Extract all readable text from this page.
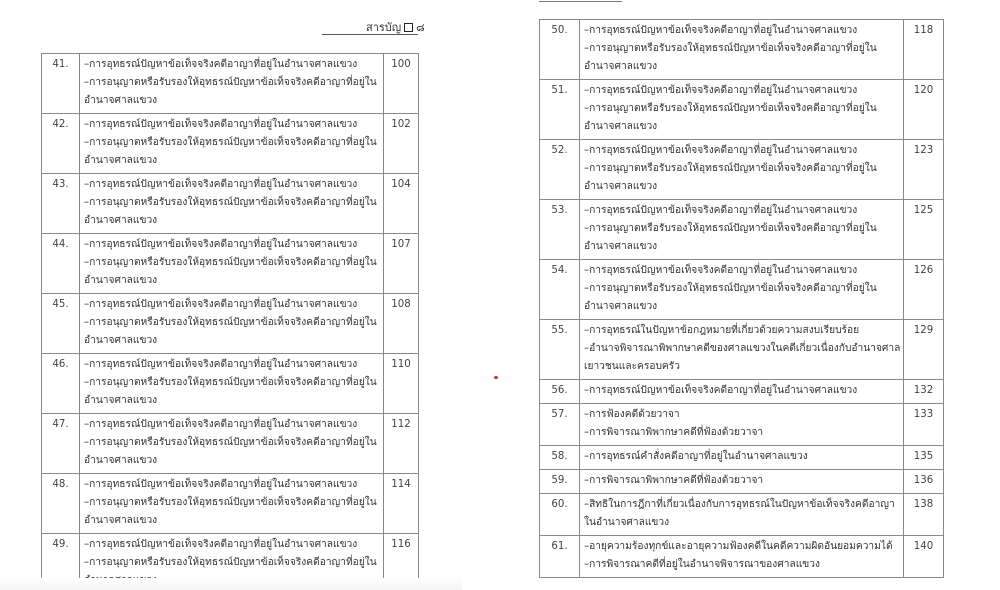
สารบัญ ๘
41.	–การอุทธรณ์ปัญหาข้อเท็จจริงคดีอาญาที่อยู่ในอำนาจศาลแขวง
–การอนุญาตหรือรับรองให้อุทธรณ์ปัญหาข้อเท็จจริงคดีอาญาที่อยู่ใน
อำนาจศาลแขวง	100
42.	–การอุทธรณ์ปัญหาข้อเท็จจริงคดีอาญาที่อยู่ในอำนาจศาลแขวง
–การอนุญาตหรือรับรองให้อุทธรณ์ปัญหาข้อเท็จจริงคดีอาญาที่อยู่ใน
อำนาจศาลแขวง	102
43.	–การอุทธรณ์ปัญหาข้อเท็จจริงคดีอาญาที่อยู่ในอำนาจศาลแขวง
–การอนุญาตหรือรับรองให้อุทธรณ์ปัญหาข้อเท็จจริงคดีอาญาที่อยู่ใน
อำนาจศาลแขวง	104
44.	–การอุทธรณ์ปัญหาข้อเท็จจริงคดีอาญาที่อยู่ในอำนาจศาลแขวง
–การอนุญาตหรือรับรองให้อุทธรณ์ปัญหาข้อเท็จจริงคดีอาญาที่อยู่ใน
อำนาจศาลแขวง	107
45.	–การอุทธรณ์ปัญหาข้อเท็จจริงคดีอาญาที่อยู่ในอำนาจศาลแขวง
–การอนุญาตหรือรับรองให้อุทธรณ์ปัญหาข้อเท็จจริงคดีอาญาที่อยู่ใน
อำนาจศาลแขวง	108
46.	–การอุทธรณ์ปัญหาข้อเท็จจริงคดีอาญาที่อยู่ในอำนาจศาลแขวง
–การอนุญาตหรือรับรองให้อุทธรณ์ปัญหาข้อเท็จจริงคดีอาญาที่อยู่ใน
อำนาจศาลแขวง	110
47.	–การอุทธรณ์ปัญหาข้อเท็จจริงคดีอาญาที่อยู่ในอำนาจศาลแขวง
–การอนุญาตหรือรับรองให้อุทธรณ์ปัญหาข้อเท็จจริงคดีอาญาที่อยู่ใน
อำนาจศาลแขวง	112
48.	–การอุทธรณ์ปัญหาข้อเท็จจริงคดีอาญาที่อยู่ในอำนาจศาลแขวง
–การอนุญาตหรือรับรองให้อุทธรณ์ปัญหาข้อเท็จจริงคดีอาญาที่อยู่ใน
อำนาจศาลแขวง	114
49.	–การอุทธรณ์ปัญหาข้อเท็จจริงคดีอาญาที่อยู่ในอำนาจศาลแขวง
–การอนุญาตหรือรับรองให้อุทธรณ์ปัญหาข้อเท็จจริงคดีอาญาที่อยู่ใน	116
50.	–การอุทธรณ์ปัญหาข้อเท็จจริงคดีอาญาที่อยู่ในอำนาจศาลแขวง
–การอนุญาตหรือรับรองให้อุทธรณ์ปัญหาข้อเท็จจริงคดีอาญาที่อยู่ใน
อำนาจศาลแขวง	118
51.	–การอุทธรณ์ปัญหาข้อเท็จจริงคดีอาญาที่อยู่ในอำนาจศาลแขวง
–การอนุญาตหรือรับรองให้อุทธรณ์ปัญหาข้อเท็จจริงคดีอาญาที่อยู่ใน
อำนาจศาลแขวง	120
52.	–การอุทธรณ์ปัญหาข้อเท็จจริงคดีอาญาที่อยู่ในอำนาจศาลแขวง
–การอนุญาตหรือรับรองให้อุทธรณ์ปัญหาข้อเท็จจริงคดีอาญาที่อยู่ใน
อำนาจศาลแขวง	123
53.	–การอุทธรณ์ปัญหาข้อเท็จจริงคดีอาญาที่อยู่ในอำนาจศาลแขวง
–การอนุญาตหรือรับรองให้อุทธรณ์ปัญหาข้อเท็จจริงคดีอาญาที่อยู่ใน
อำนาจศาลแขวง	125
54.	–การอุทธรณ์ปัญหาข้อเท็จจริงคดีอาญาที่อยู่ในอำนาจศาลแขวง
–การอนุญาตหรือรับรองให้อุทธรณ์ปัญหาข้อเท็จจริงคดีอาญาที่อยู่ใน
อำนาจศาลแขวง	126
55.	–การอุทธรณ์ในปัญหาข้อกฎหมายที่เกี่ยวด้วยความสงบเรียบร้อย
–อำนาจพิจารณาพิพากษาคดีของศาลแขวงในคดีเกี่ยวเนื่องกับอำนาจศาล
เยาวชนและครอบครัว	129
56.	–การอุทธรณ์ปัญหาข้อเท็จจริงคดีอาญาที่อยู่ในอำนาจศาลแขวง	132
57.	–การฟ้องคดีด้วยวาจา
–การพิจารณาพิพากษาคดีที่ฟ้องด้วยวาจา	133
58.	–การอุทธรณ์คำสั่งคดีอาญาที่อยู่ในอำนาจศาลแขวง	135
59.	–การพิจารณาพิพากษาคดีที่ฟ้องด้วยวาจา	136
60.	–สิทธิในการฎีกาที่เกี่ยวเนื่องกับการอุทธรณ์ในปัญหาข้อเท็จจริงคดีอาญา
ในอำนาจศาลแขวง	138
61.	–อายุความร้องทุกข์และอายุความฟ้องคดีในคดีความผิดอันยอมความได้
–การพิจารณาคดีที่อยู่ในอำนาจพิจารณาของศาลแขวง	140
